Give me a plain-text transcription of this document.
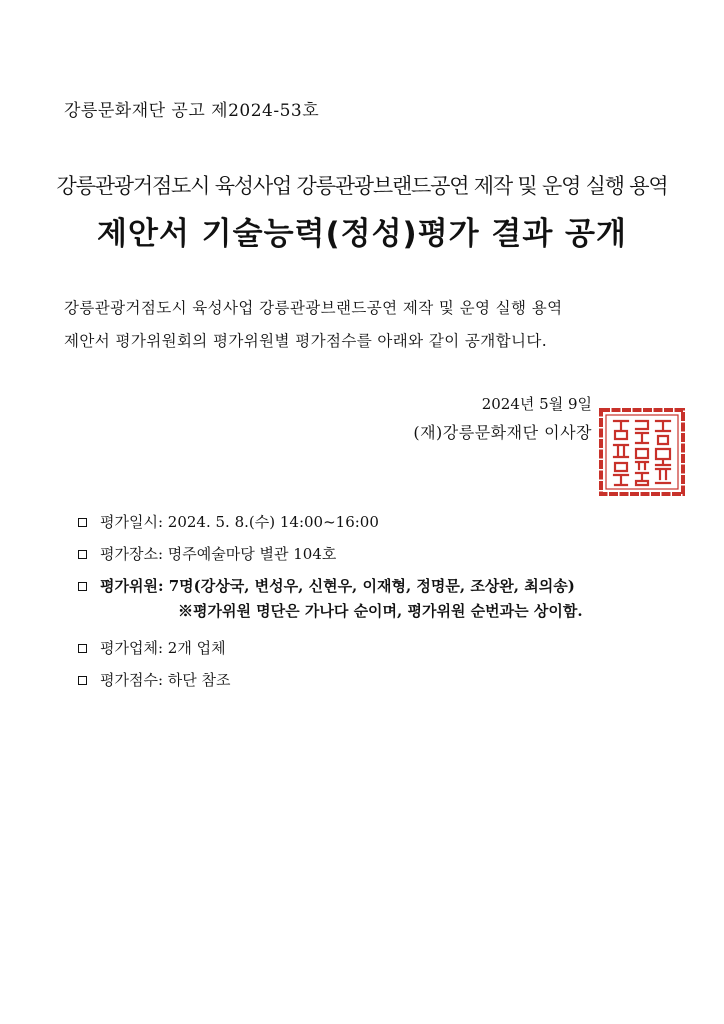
강릉문화재단 공고 제2024-53호
강릉관광거점도시 육성사업 강릉관광브랜드공연 제작 및 운영 실행 용역
제안서 기술능력(정성)평가 결과 공개
강릉관광거점도시 육성사업 강릉관광브랜드공연 제작 및 운영 실행 용역
제안서 평가위원회의 평가위원별 평가점수를 아래와 같이 공개합니다.
2024년 5월 9일
(재)강릉문화재단 이사장
평가일시:
2024. 5. 8.(수) 14:00~16:00
평가장소:
명주예술마당 별관 104호
평가위원:
7명(강상국, 변성우, 신현우, 이재형, 정명문, 조상완, 최의송)
※평가위원 명단은 가나다 순이며, 평가위원 순번과는 상이함.
평가업체:
2개 업체
평가점수:
하단 참조
